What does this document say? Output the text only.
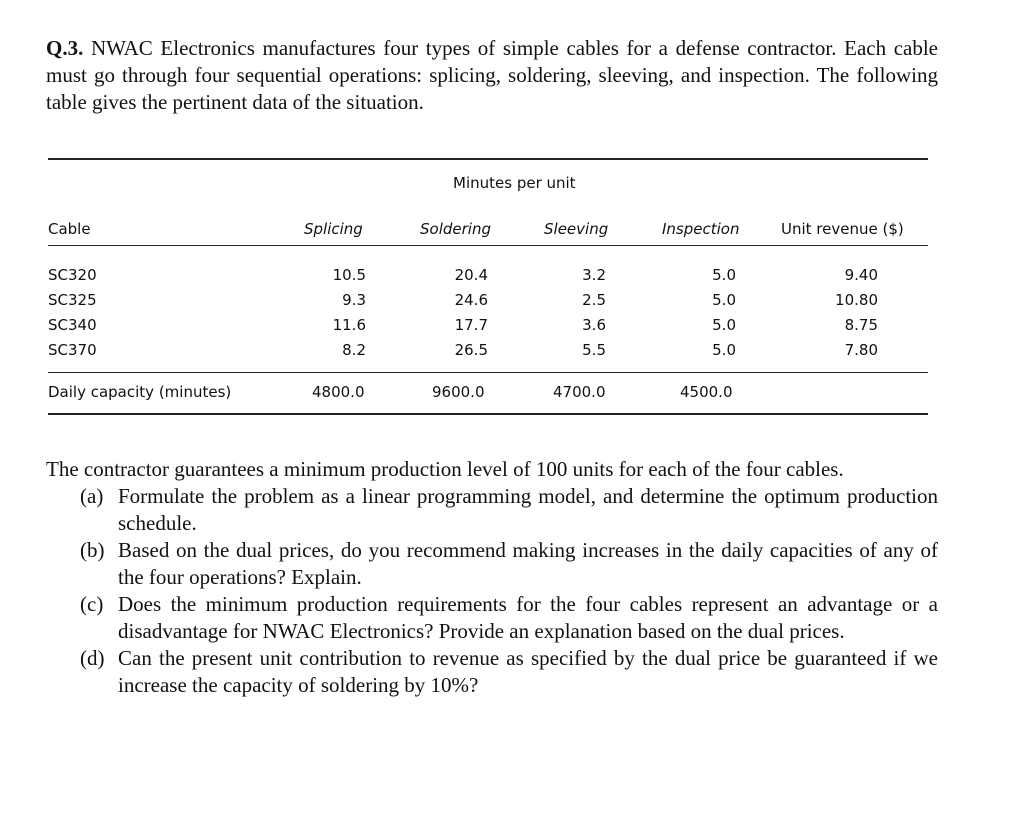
Q.3. NWAC Electronics manufactures four types of simple cables for a defense contractor. Each cable must go through four sequential operations: splicing, soldering, sleeving, and inspection. The following table gives the pertinent data of the situation.
Minutes per unit
Cable	Splicing	Soldering	Sleeving	Inspection	Unit revenue ($)
SC320	10.5	20.4	3.2	5.0	9.40
SC325	9.3	24.6	2.5	5.0	10.80
SC340	11.6	17.7	3.6	5.0	8.75
SC370	8.2	26.5	5.5	5.0	7.80
Daily capacity (minutes)	4800.0	9600.0	4700.0	4500.0
The contractor guarantees a minimum production level of 100 units for each of the four cables.
(a) Formulate the problem as a linear programming model, and determine the optimum production schedule.
(b) Based on the dual prices, do you recommend making increases in the daily capacities of any of the four operations? Explain.
(c) Does the minimum production requirements for the four cables represent an advantage or a disadvantage for NWAC Electronics? Provide an explanation based on the dual prices.
(d) Can the present unit contribution to revenue as specified by the dual price be guaranteed if we increase the capacity of soldering by 10%?
